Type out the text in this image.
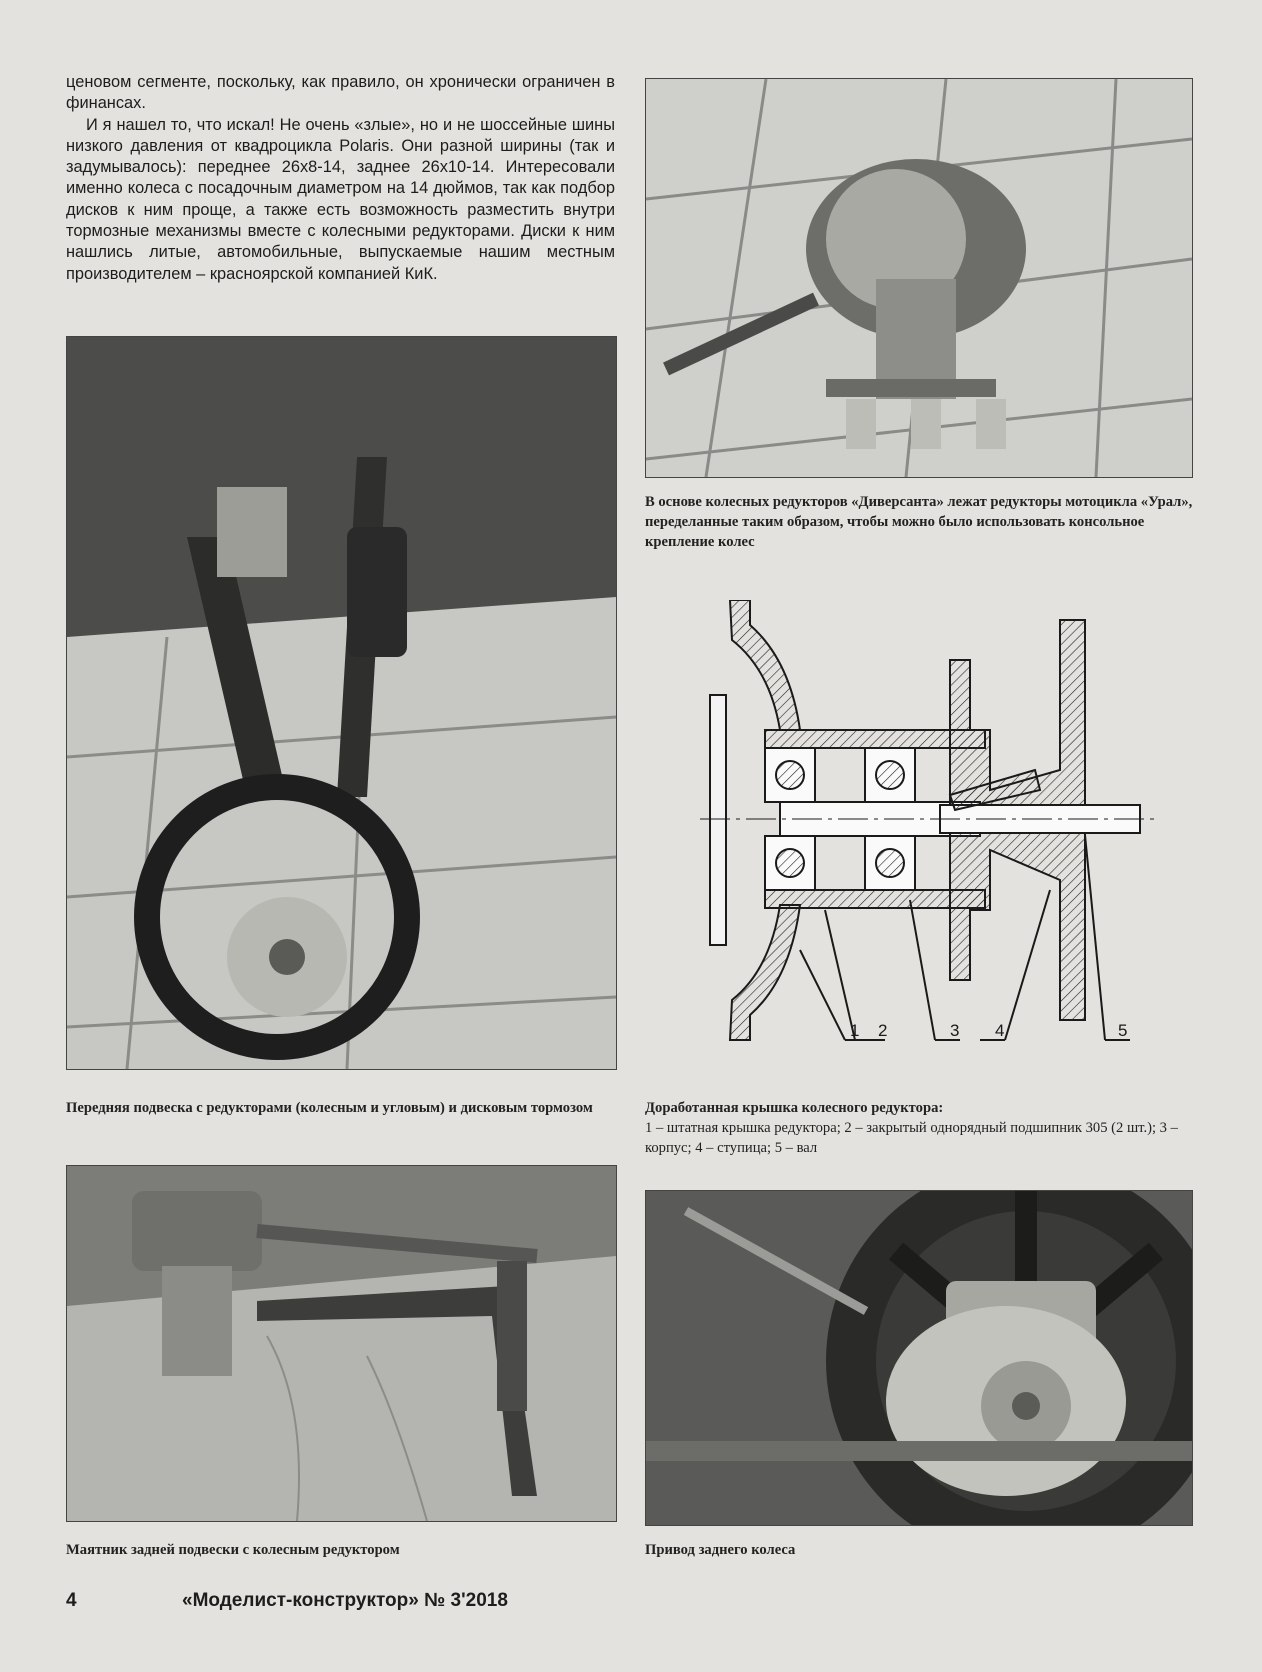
ценовом сегменте, поскольку, как правило, он хронически ограничен в финансах.

И я нашел то, что искал! Не очень «злые», но и не шоссейные шины низкого давления от квадроцикла Polaris. Они разной ширины (так и задумывалось): переднее 26x8-14, заднее 26x10-14. Интересовали именно колеса с посадочным диаметром на 14 дюймов, так как подбор дисков к ним проще, а также есть возможность разместить внутри тормозные механизмы вместе с колесными редукторами. Диски к ним нашлись литые, автомобильные, выпускаемые нашим местным производителем – красноярской компанией КиК.

В основе колесных редукторов «Диверсанта» лежат редукторы мотоцикла «Урал», переделанные таким образом, чтобы можно было использовать консольное крепление колес
Передняя подвеска с редукторами (колесным и угловым) и дисковым тормозом
1 2	3 4	5
Доработанная крышка колесного редуктора:
1 – штатная крышка редуктора; 2 – закрытый однорядный подшипник 305 (2 шт.); 3 – корпус; 4 – ступица; 5 – вал
Маятник задней подвески с колесным редуктором	Привод заднего колеса
4	«Моделист-конструктор» № 3'2018
